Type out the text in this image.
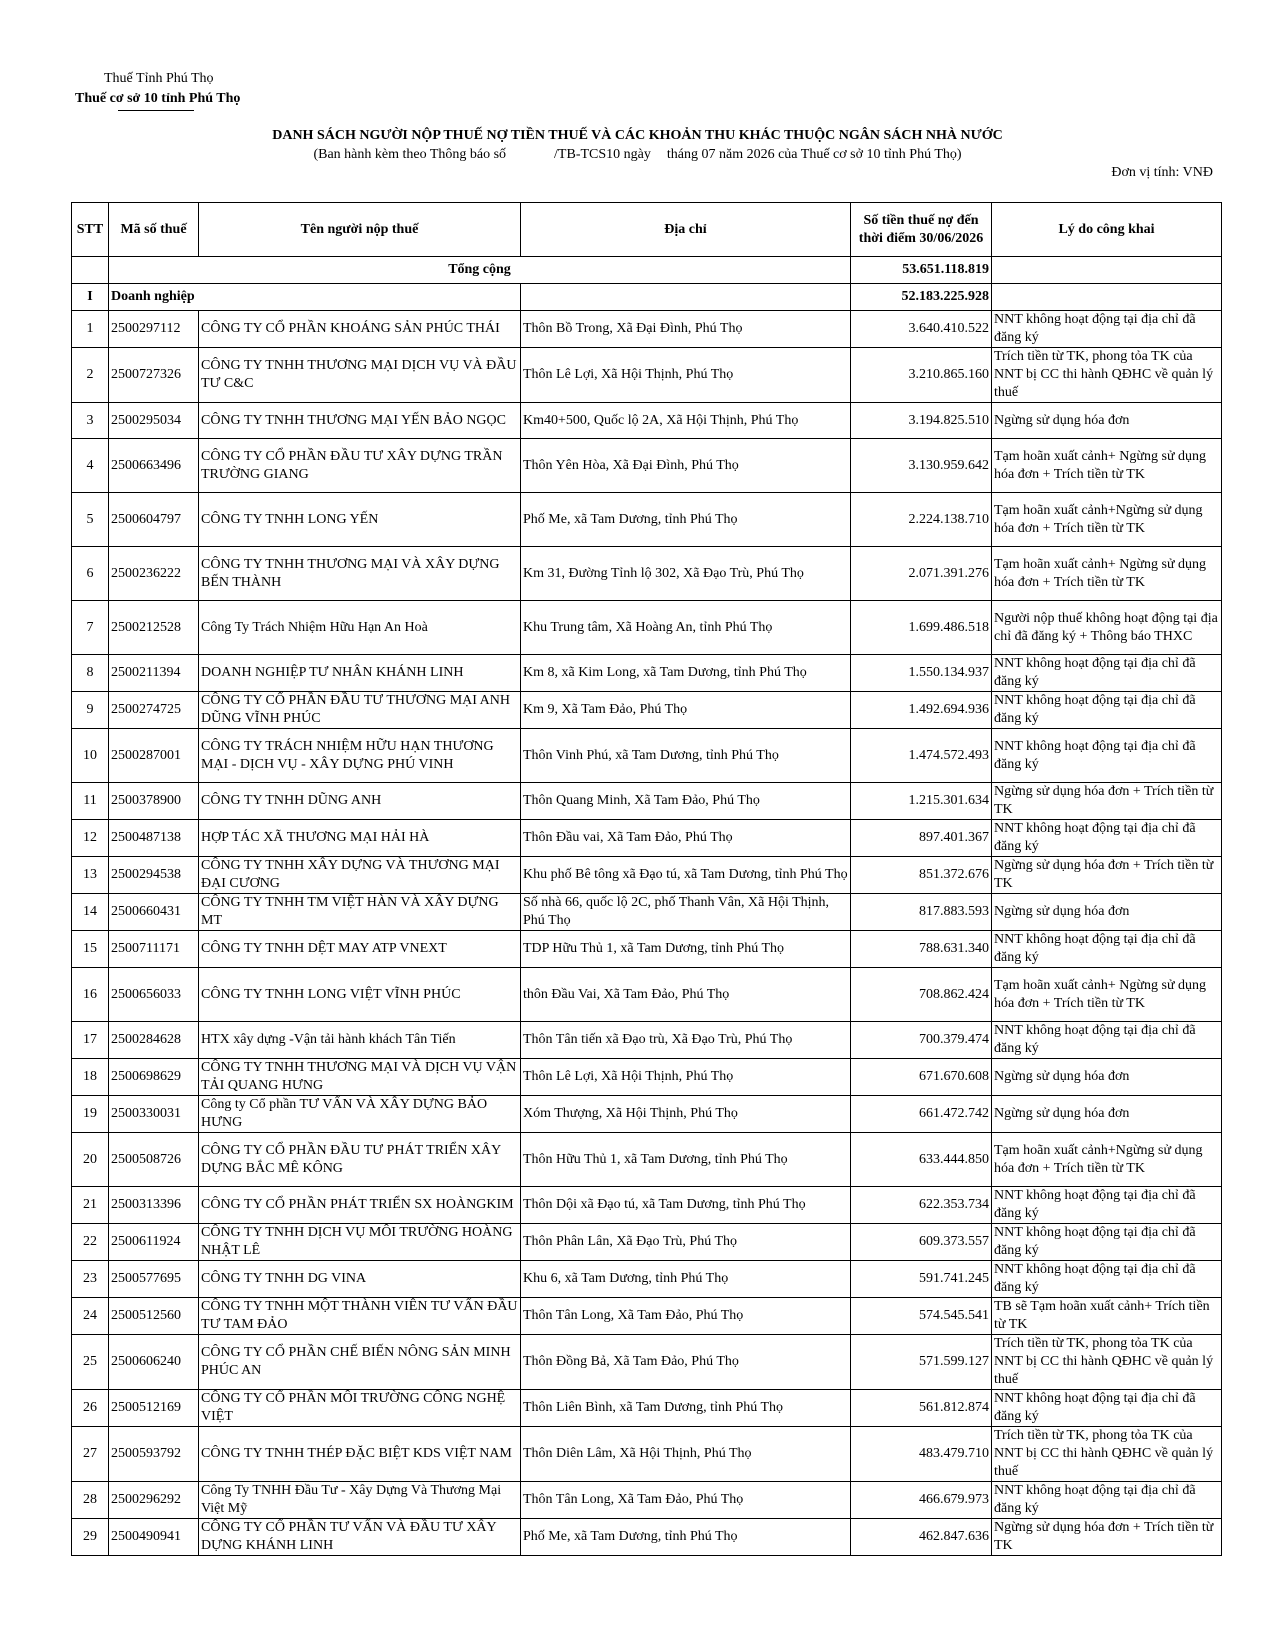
Thuế Tỉnh Phú Thọ
Thuế cơ sở 10 tỉnh Phú Thọ
DANH SÁCH NGƯỜI NỘP THUẾ NỢ TIỀN THUẾ VÀ CÁC KHOẢN THU KHÁC THUỘC NGÂN SÁCH NHÀ NƯỚC
(Ban hành kèm theo Thông báo số	/TB-TCS10 ngày tháng 07 năm 2026 của Thuế cơ sở 10 tỉnh Phú Thọ)
Đơn vị tính: VNĐ
STT	Mã số thuế	Tên người nộp thuế	Địa chỉ	Số tiền thuế nợ đến thời điểm 30/06/2026	Lý do công khai
	Tổng cộng			53.651.118.819	
I	Doanh nghiệp			52.183.225.928	
1	2500297112	CÔNG TY CỔ PHẦN KHOÁNG SẢN PHÚC THÁI	Thôn Bồ Trong, Xã Đại Đình, Phú Thọ	3.640.410.522	NNT không hoạt động tại địa chỉ đã đăng ký
2	2500727326	CÔNG TY TNHH THƯƠNG MẠI DỊCH VỤ VÀ ĐẦU TƯ C&C	Thôn Lê Lợi, Xã Hội Thịnh, Phú Thọ	3.210.865.160	Trích tiền từ TK, phong tỏa TK của NNT bị CC thi hành QĐHC về quản lý thuế
3	2500295034	CÔNG TY TNHH THƯƠNG MẠI YẾN BẢO NGỌC	Km40+500, Quốc lộ 2A, Xã Hội Thịnh, Phú Thọ	3.194.825.510	Ngừng sử dụng hóa đơn
4	2500663496	CÔNG TY CỔ PHẦN ĐẦU TƯ XÂY DỰNG TRẦN TRƯỜNG GIANG	Thôn Yên Hòa, Xã Đại Đình, Phú Thọ	3.130.959.642	Tạm hoãn xuất cảnh+ Ngừng sử dụng hóa đơn + Trích tiền từ TK
5	2500604797	CÔNG TY TNHH LONG YẾN	Phố Me, xã Tam Dương, tỉnh Phú Thọ	2.224.138.710	Tạm hoãn xuất cảnh+Ngừng sử dụng hóa đơn + Trích tiền từ TK
6	2500236222	CÔNG TY TNHH THƯƠNG MẠI VÀ XÂY DỰNG BẾN THÀNH	Km 31, Đường Tỉnh lộ 302, Xã Đạo Trù, Phú Thọ	2.071.391.276	Tạm hoãn xuất cảnh+ Ngừng sử dụng hóa đơn + Trích tiền từ TK
7	2500212528	Công Ty Trách Nhiệm Hữu Hạn An Hoà	Khu Trung tâm, Xã Hoàng An, tỉnh Phú Thọ	1.699.486.518	Người nộp thuế không hoạt động tại địa chỉ đã đăng ký + Thông báo THXC
8	2500211394	DOANH NGHIỆP TƯ NHÂN KHÁNH LINH	Km 8, xã Kim Long, xã Tam Dương, tỉnh Phú Thọ	1.550.134.937	NNT không hoạt động tại địa chỉ đã đăng ký
9	2500274725	CÔNG TY CỔ PHẦN ĐẦU TƯ THƯƠNG MẠI ANH DŨNG VĨNH PHÚC	Km 9, Xã Tam Đảo, Phú Thọ	1.492.694.936	NNT không hoạt động tại địa chỉ đã đăng ký
10	2500287001	CÔNG TY TRÁCH NHIỆM HỮU HẠN THƯƠNG MẠI - DỊCH VỤ - XÂY DỰNG PHÚ VINH	Thôn Vinh Phú, xã Tam Dương, tỉnh Phú Thọ	1.474.572.493	NNT không hoạt động tại địa chỉ đã đăng ký
11	2500378900	CÔNG TY TNHH DŨNG ANH	Thôn Quang Minh, Xã Tam Đảo, Phú Thọ	1.215.301.634	Ngừng sử dụng hóa đơn + Trích tiền từ TK
12	2500487138	HỢP TÁC XÃ THƯƠNG MẠI HẢI HÀ	Thôn Đầu vai, Xã Tam Đảo, Phú Thọ	897.401.367	NNT không hoạt động tại địa chỉ đã đăng ký
13	2500294538	CÔNG TY TNHH XÂY DỰNG VÀ THƯƠNG MẠI ĐẠI CƯƠNG	Khu phố Bê tông xã Đạo tú, xã Tam Dương, tỉnh Phú Thọ	851.372.676	Ngừng sử dụng hóa đơn + Trích tiền từ TK
14	2500660431	CÔNG TY TNHH TM VIỆT HÀN VÀ XÂY DỰNG MT	Số nhà 66, quốc lộ 2C, phố Thanh Vân, Xã Hội Thịnh, Phú Thọ	817.883.593	Ngừng sử dụng hóa đơn
15	2500711171	CÔNG TY TNHH DỆT MAY ATP VNEXT	TDP Hữu Thủ 1, xã Tam Dương, tỉnh Phú Thọ	788.631.340	NNT không hoạt động tại địa chỉ đã đăng ký
16	2500656033	CÔNG TY TNHH LONG VIỆT VĨNH PHÚC	thôn Đầu Vai, Xã Tam Đảo, Phú Thọ	708.862.424	Tạm hoãn xuất cảnh+ Ngừng sử dụng hóa đơn + Trích tiền từ TK
17	2500284628	HTX xây dựng -Vận tải hành khách Tân Tiến	Thôn Tân tiến xã Đạo trù, Xã Đạo Trù, Phú Thọ	700.379.474	NNT không hoạt động tại địa chỉ đã đăng ký
18	2500698629	CÔNG TY TNHH THƯƠNG MẠI VÀ DỊCH VỤ VẬN TẢI QUANG HƯNG	Thôn Lê Lợi, Xã Hội Thịnh, Phú Thọ	671.670.608	Ngừng sử dụng hóa đơn
19	2500330031	Công ty Cổ phần TƯ VẤN VÀ XÂY DỰNG BẢO HƯNG	Xóm Thượng, Xã Hội Thịnh, Phú Thọ	661.472.742	Ngừng sử dụng hóa đơn
20	2500508726	CÔNG TY CỔ PHẦN ĐẦU TƯ PHÁT TRIỂN XÂY DỰNG BẮC MÊ KÔNG	Thôn Hữu Thủ 1, xã Tam Dương, tỉnh Phú Thọ	633.444.850	Tạm hoãn xuất cảnh+Ngừng sử dụng hóa đơn + Trích tiền từ TK
21	2500313396	CÔNG TY CỔ PHẦN PHÁT TRIỂN SX HOÀNGKIM	Thôn Dội xã Đạo tú, xã Tam Dương, tỉnh Phú Thọ	622.353.734	NNT không hoạt động tại địa chỉ đã đăng ký
22	2500611924	CÔNG TY TNHH DỊCH VỤ MÔI TRƯỜNG HOÀNG NHẬT LÊ	Thôn Phân Lân, Xã Đạo Trù, Phú Thọ	609.373.557	NNT không hoạt động tại địa chỉ đã đăng ký
23	2500577695	CÔNG TY TNHH DG VINA	Khu 6, xã Tam Dương, tỉnh Phú Thọ	591.741.245	NNT không hoạt động tại địa chỉ đã đăng ký
24	2500512560	CÔNG TY TNHH MỘT THÀNH VIÊN TƯ VẤN ĐẦU TƯ TAM ĐẢO	Thôn Tân Long, Xã Tam Đảo, Phú Thọ	574.545.541	TB sẽ Tạm hoãn xuất cảnh+ Trích tiền từ TK
25	2500606240	CÔNG TY CỔ PHẦN CHẾ BIẾN NÔNG SẢN MINH PHÚC AN	Thôn Đồng Bả, Xã Tam Đảo, Phú Thọ	571.599.127	Trích tiền từ TK, phong tỏa TK của NNT bị CC thi hành QĐHC về quản lý thuế
26	2500512169	CÔNG TY CỔ PHẦN MÔI TRƯỜNG CÔNG NGHỆ VIỆT	Thôn Liên Bình, xã Tam Dương, tỉnh Phú Thọ	561.812.874	NNT không hoạt động tại địa chỉ đã đăng ký
27	2500593792	CÔNG TY TNHH THÉP ĐẶC BIỆT KDS VIỆT NAM	Thôn Diên Lâm, Xã Hội Thịnh, Phú Thọ	483.479.710	Trích tiền từ TK, phong tỏa TK của NNT bị CC thi hành QĐHC về quản lý thuế
28	2500296292	Công Ty TNHH Đầu Tư - Xây Dựng Và Thương Mại Việt Mỹ	Thôn Tân Long, Xã Tam Đảo, Phú Thọ	466.679.973	NNT không hoạt động tại địa chỉ đã đăng ký
29	2500490941	CÔNG TY CỔ PHẦN TƯ VẤN VÀ ĐẦU TƯ XÂY DỰNG KHÁNH LINH	Phố Me, xã Tam Dương, tỉnh Phú Thọ	462.847.636	Ngừng sử dụng hóa đơn + Trích tiền từ TK
